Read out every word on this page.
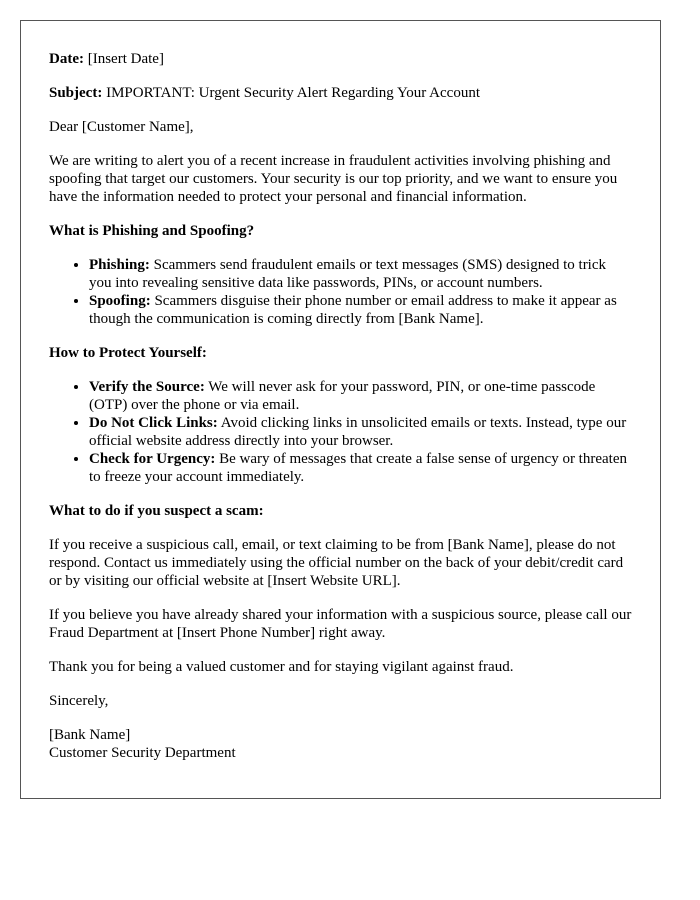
Date: [Insert Date]

Subject: IMPORTANT: Urgent Security Alert Regarding Your Account

Dear [Customer Name],

We are writing to alert you of a recent increase in fraudulent activities involving phishing and spoofing that target our customers. Your security is our top priority, and we want to ensure you have the information needed to protect your personal and financial information.

What is Phishing and Spoofing?

• Phishing: Scammers send fraudulent emails or text messages (SMS) designed to trick you into revealing sensitive data like passwords, PINs, or account numbers.
• Spoofing: Scammers disguise their phone number or email address to make it appear as though the communication is coming directly from [Bank Name].

How to Protect Yourself:

• Verify the Source: We will never ask for your password, PIN, or one-time passcode (OTP) over the phone or via email.
• Do Not Click Links: Avoid clicking links in unsolicited emails or texts. Instead, type our official website address directly into your browser.
• Check for Urgency: Be wary of messages that create a false sense of urgency or threaten to freeze your account immediately.

What to do if you suspect a scam:

If you receive a suspicious call, email, or text claiming to be from [Bank Name], please do not respond. Contact us immediately using the official number on the back of your debit/credit card or by visiting our official website at [Insert Website URL].

If you believe you have already shared your information with a suspicious source, please call our Fraud Department at [Insert Phone Number] right away.

Thank you for being a valued customer and for staying vigilant against fraud.

Sincerely,

[Bank Name]
Customer Security Department
